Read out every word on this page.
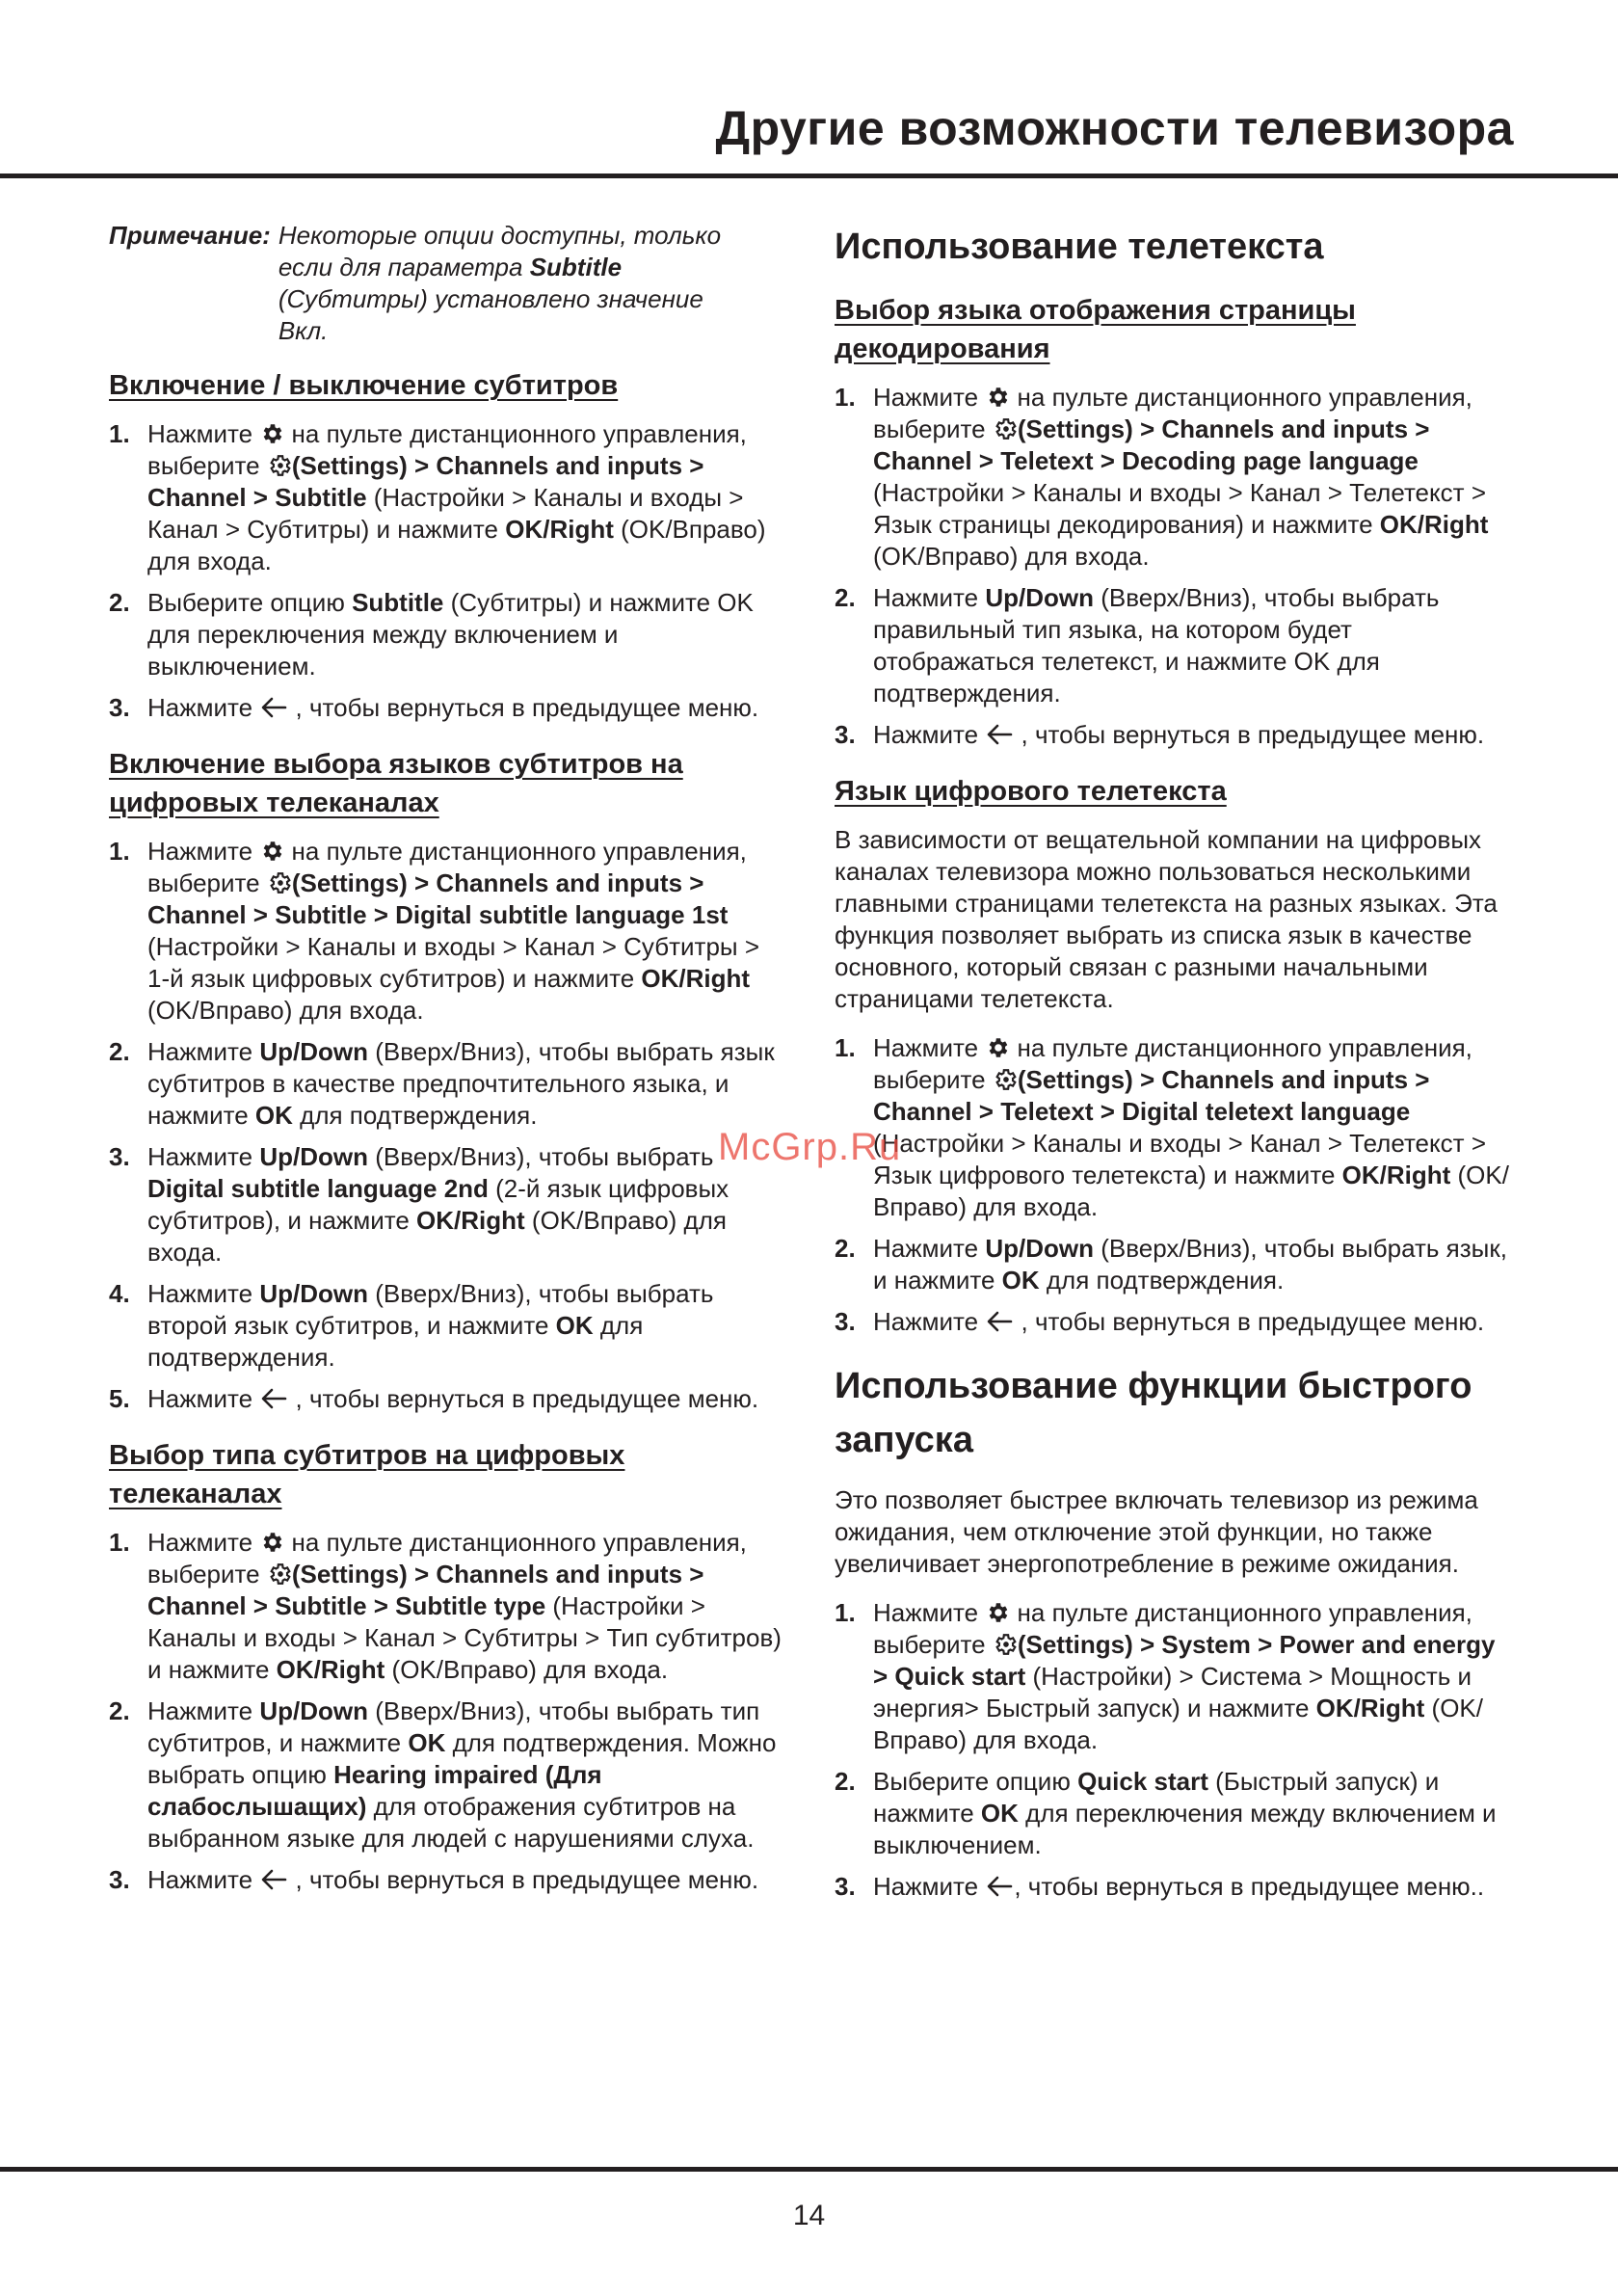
Другие возможности телевизора
Примечание: Некоторые опции доступны, только если для параметра Subtitle (Субтитры) установлено значение Вкл.
Включение / выключение субтитров
1. Нажмите  на пульте дистанционного управления, выберите (Settings) > Channels and inputs > Channel > Subtitle (Настройки > Каналы и входы > Канал > Субтитры) и нажмите OK/Right (OK/Вправо) для входа.
2. Выберите опцию Subtitle (Субтитры) и нажмите OK для переключения между включением и выключением.
3. Нажмите  , чтобы вернуться в предыдущее меню.
Включение выбора языков субтитров на цифровых телеканалах
1. Нажмите  на пульте дистанционного управления, выберите (Settings) > Channels and inputs > Channel > Subtitle > Digital subtitle language 1st (Настройки > Каналы и входы > Канал > Субтитры > 1-й язык цифровых субтитров) и нажмите OK/Right (OK/Вправо) для входа.
2. Нажмите Up/Down (Вверх/Вниз), чтобы выбрать язык субтитров в качестве предпочтительного языка, и нажмите OK для подтверждения.
3. Нажмите Up/Down (Вверх/Вниз), чтобы выбрать Digital subtitle language 2nd (2-й язык цифровых субтитров), и нажмите OK/Right (OK/Вправо) для входа.
4. Нажмите Up/Down (Вверх/Вниз), чтобы выбрать второй язык субтитров, и нажмите OK для подтверждения.
5. Нажмите  , чтобы вернуться в предыдущее меню.
Выбор типа субтитров на цифровых телеканалах
1. Нажмите  на пульте дистанционного управления, выберите (Settings) > Channels and inputs > Channel > Subtitle > Subtitle type (Настройки > Каналы и входы > Канал > Субтитры > Тип субтитров) и нажмите OK/Right (OK/Вправо) для входа.
2. Нажмите Up/Down (Вверх/Вниз), чтобы выбрать тип субтитров, и нажмите OK для подтверждения. Можно выбрать опцию Hearing impaired (Для слабослышащих) для отображения субтитров на выбранном языке для людей с нарушениями слуха.
3. Нажмите  , чтобы вернуться в предыдущее меню.
Использование телетекста
Выбор языка отображения страницы декодирования
1. Нажмите  на пульте дистанционного управления, выберите (Settings) > Channels and inputs > Channel > Teletext > Decoding page language (Настройки > Каналы и входы > Канал > Телетекст > Язык страницы декодирования) и нажмите OK/Right (OK/Вправо) для входа.
2. Нажмите Up/Down (Вверх/Вниз), чтобы выбрать правильный тип языка, на котором будет отображаться телетекст, и нажмите OK для подтверждения.
3. Нажмите  , чтобы вернуться в предыдущее меню.
Язык цифрового телетекста

В зависимости от вещательной компании на цифровых каналах телевизора можно пользоваться несколькими главными страницами телетекста на разных языках. Эта функция позволяет выбрать из списка язык в качестве основного, который связан с разными начальными страницами телетекста.

1. Нажмите  на пульте дистанционного управления, выберите (Settings) > Channels and inputs > Channel > Teletext > Digital teletext language (Настройки > Каналы и входы > Канал > Телетекст > Язык цифрового телетекста) и нажмите OK/Right (OK/Вправо) для входа.
2. Нажмите Up/Down (Вверх/Вниз), чтобы выбрать язык, и нажмите OK для подтверждения.
3. Нажмите  , чтобы вернуться в предыдущее меню.
Использование функции быстрого запуска

Это позволяет быстрее включать телевизор из режима ожидания, чем отключение этой функции, но также увеличивает энергопотребление в режиме ожидания.

1. Нажмите  на пульте дистанционного управления, выберите (Settings) > System > Power and energy > Quick start (Настройки) > Система > Мощность и энергия> Быстрый запуск) и нажмите OK/Right (OK/Вправо) для входа.
2. Выберите опцию Quick start (Быстрый запуск) и нажмите OK для переключения между включением и выключением.
3. Нажмите , чтобы вернуться в предыдущее меню..
McGrp.Ru
14
